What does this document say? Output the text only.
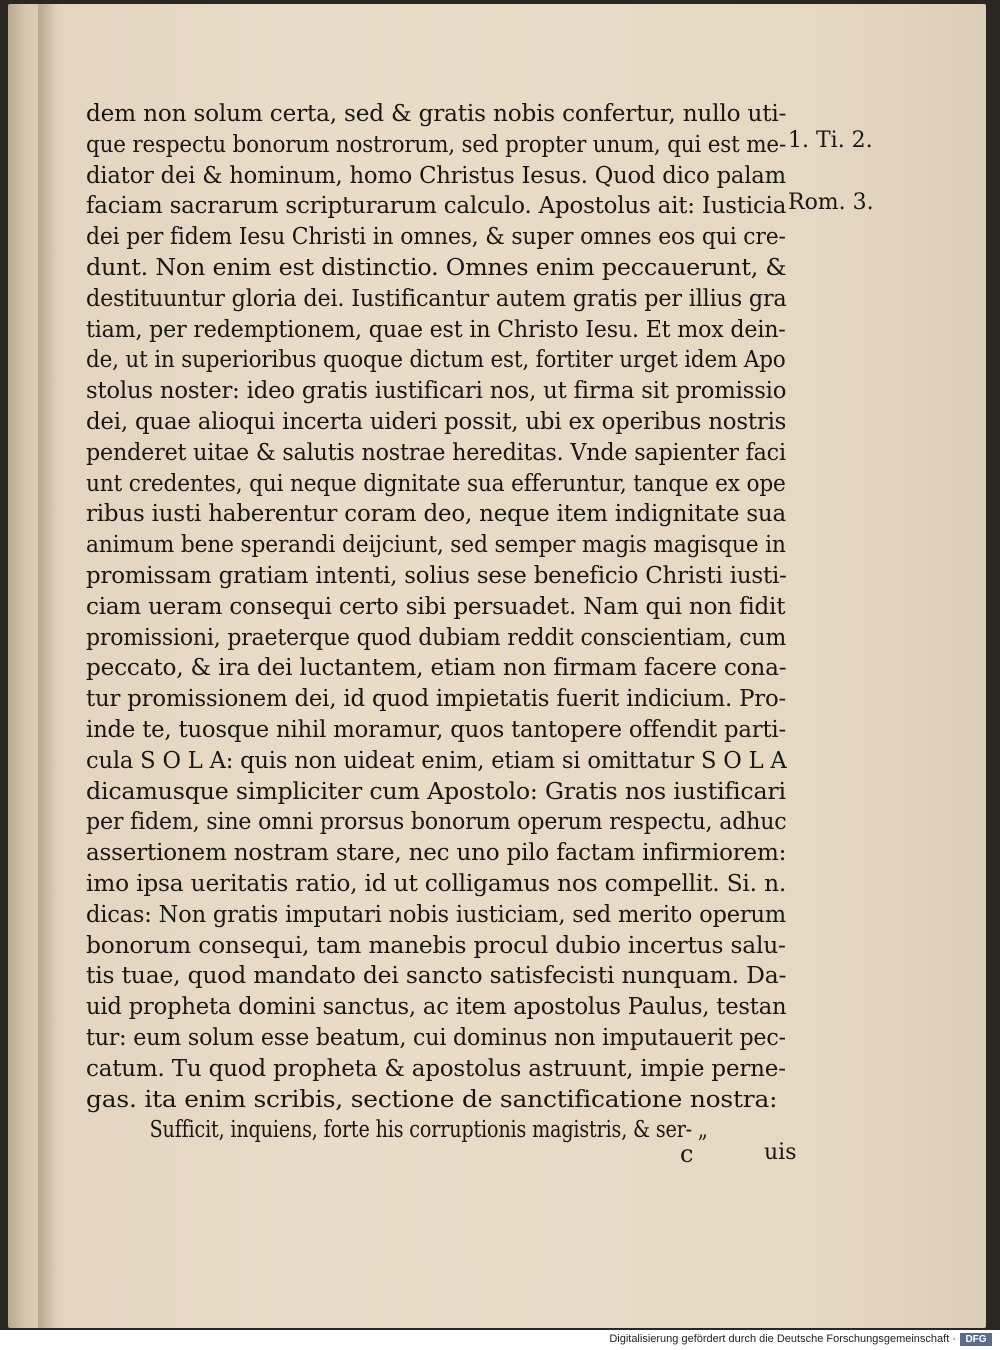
dem non solum certa, sed & gratis nobis confertur, nullo uti-
que respectu bonorum nostrorum, sed propter unum, qui est me-
diator dei & hominum, homo Christus Iesus. Quod dico palam
faciam sacrarum scripturarum calculo. Apostolus ait: Iusticia
dei per fidem Iesu Christi in omnes, & super omnes eos qui cre-
dunt. Non enim est distinctio. Omnes enim peccauerunt, &
destituuntur gloria dei. Iustificantur autem gratis per illius gra
tiam, per redemptionem, quae est in Christo Iesu. Et mox dein-
de, ut in superioribus quoque dictum est, fortiter urget idem Apo
stolus noster: ideo gratis iustificari nos, ut firma sit promissio
dei, quae alioqui incerta uideri possit, ubi ex operibus nostris
penderet uitae & salutis nostrae hereditas. Vnde sapienter faci
unt credentes, qui neque dignitate sua efferuntur, tanque ex ope
ribus iusti haberentur coram deo, neque item indignitate sua
animum bene sperandi deijciunt, sed semper magis magisque in
promissam gratiam intenti, solius sese beneficio Christi iusti-
ciam ueram consequi certo sibi persuadet. Nam qui non fidit
promissioni, praeterque quod dubiam reddit conscientiam, cum
peccato, & ira dei luctantem, etiam non firmam facere cona-
tur promissionem dei, id quod impietatis fuerit indicium. Pro-
inde te, tuosque nihil moramur, quos tantopere offendit parti-
cula S O L A: quis non uideat enim, etiam si omittatur S O L A
dicamusque simpliciter cum Apostolo: Gratis nos iustificari
per fidem, sine omni prorsus bonorum operum respectu, adhuc
assertionem nostram stare, nec uno pilo factam infirmiorem:
imo ipsa ueritatis ratio, id ut colligamus nos compellit. Si. n.
dicas: Non gratis imputari nobis iusticiam, sed merito operum
bonorum consequi, tam manebis procul dubio incertus salu-
tis tuae, quod mandato dei sancto satisfecisti nunquam. Da-
uid propheta domini sanctus, ac item apostolus Paulus, testan
tur: eum solum esse beatum, cui dominus non imputauerit pec-
catum. Tu quod propheta & apostolus astruunt, impie perne-
gas. ita enim scribis, sectione de sanctificatione nostra:
Sufficit, inquiens, forte his corruptionis magistris, & ser- „
1. Ti. 2.
Rom. 3.
c	uis
Digitalisierung gefördert durch die Deutsche Forschungsgemeinschaft · DFG
